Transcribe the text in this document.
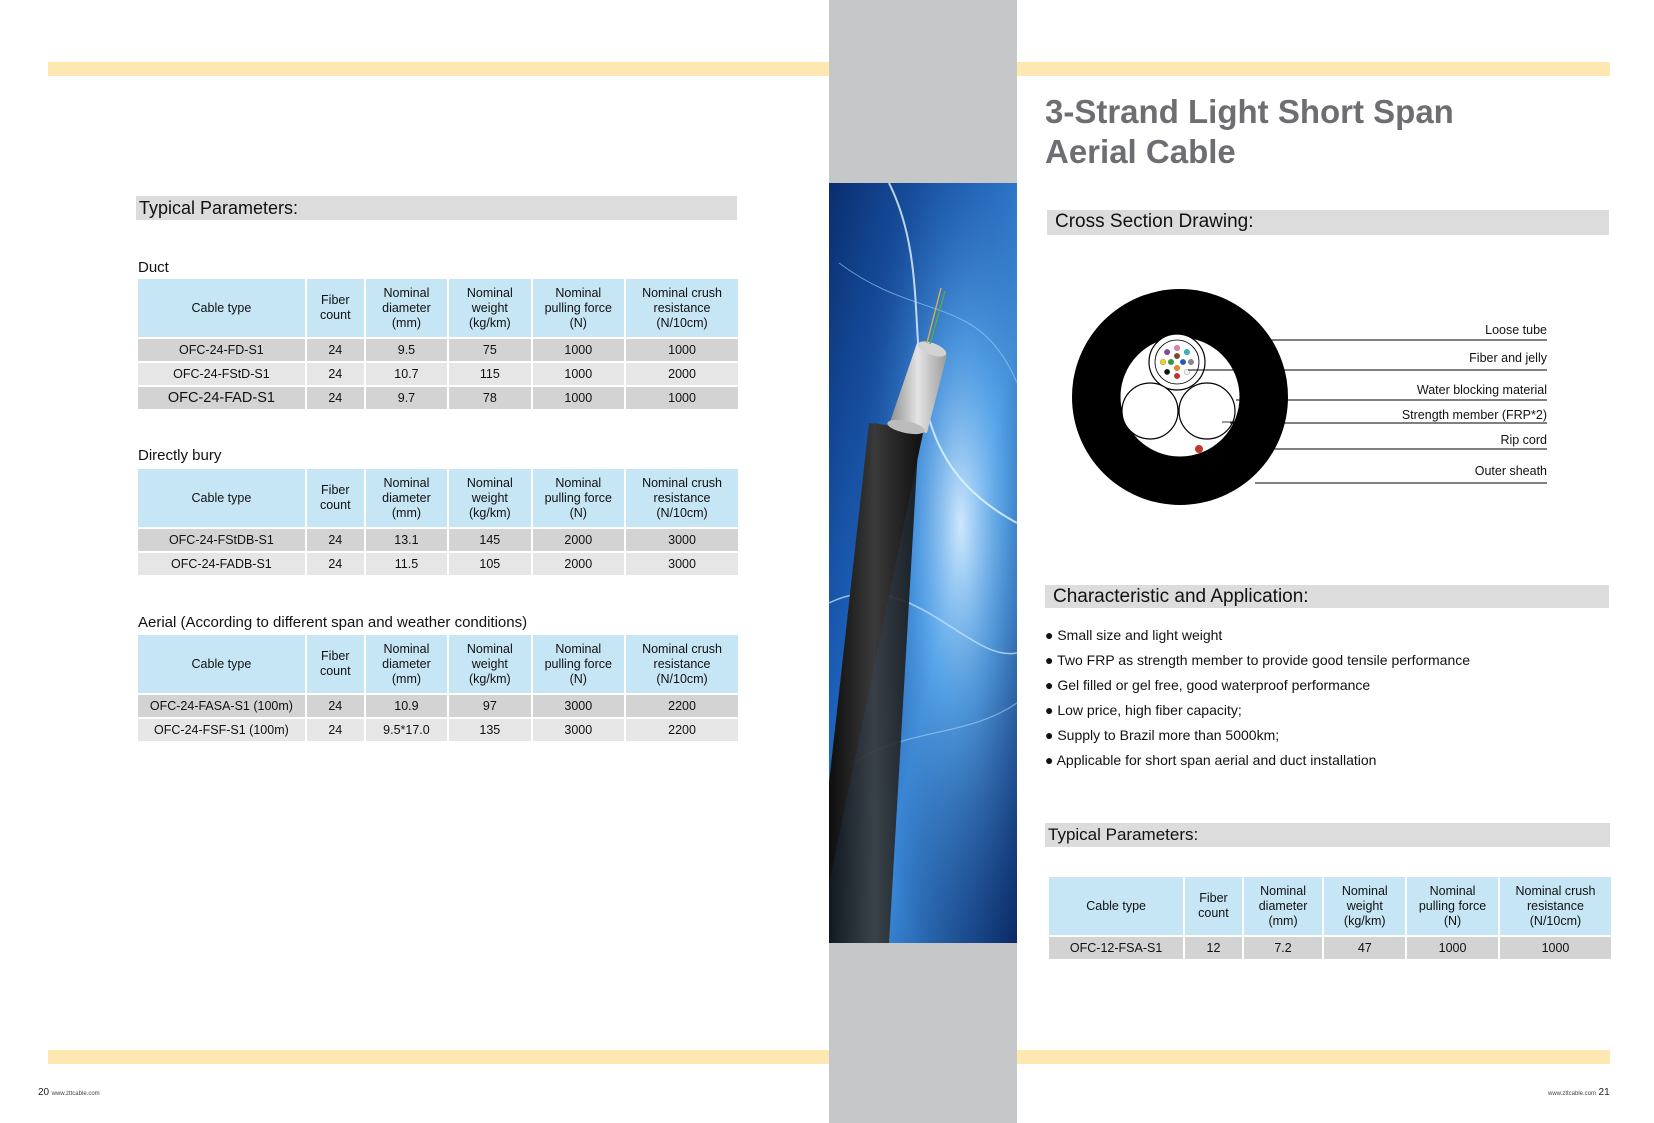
Typical Parameters:
Duct
Cable type	Fiber count	Nominal diameter (mm)	Nominal weight (kg/km)	Nominal pulling force (N)	Nominal crush resistance (N/10cm)
OFC-24-FD-S1	24	9.5	75	1000	1000
OFC-24-FStD-S1	24	10.7	115	1000	2000
OFC-24-FAD-S1	24	9.7	78	1000	1000
Directly bury
Cable type	Fiber count	Nominal diameter (mm)	Nominal weight (kg/km)	Nominal pulling force (N)	Nominal crush resistance (N/10cm)
OFC-24-FStDB-S1	24	13.1	145	2000	3000
OFC-24-FADB-S1	24	11.5	105	2000	3000
Aerial (According to different span and weather conditions)
Cable type	Fiber count	Nominal diameter (mm)	Nominal weight (kg/km)	Nominal pulling force (N)	Nominal crush resistance (N/10cm)
OFC-24-FASA-S1 (100m)	24	10.9	97	3000	2200
OFC-24-FSF-S1 (100m)	24	9.5*17.0	135	3000	2200
20 www.zttcable.com
3-Strand Light Short Span
Aerial Cable
Cross Section Drawing:
Loose tube
Fiber and jelly
Water blocking material
Strength member (FRP*2)
Rip cord
Outer sheath
Characteristic and Application:
● Small size and light weight
● Two FRP as strength member to provide good tensile performance
● Gel filled or gel free, good waterproof performance
● Low price, high fiber capacity;
● Supply to Brazil more than 5000km;
● Applicable for short span aerial and duct installation
Typical Parameters:
Cable type	Fiber count	Nominal diameter (mm)	Nominal weight (kg/km)	Nominal pulling force (N)	Nominal crush resistance (N/10cm)
OFC-12-FSA-S1	12	7.2	47	1000	1000
www.zttcable.com 21
